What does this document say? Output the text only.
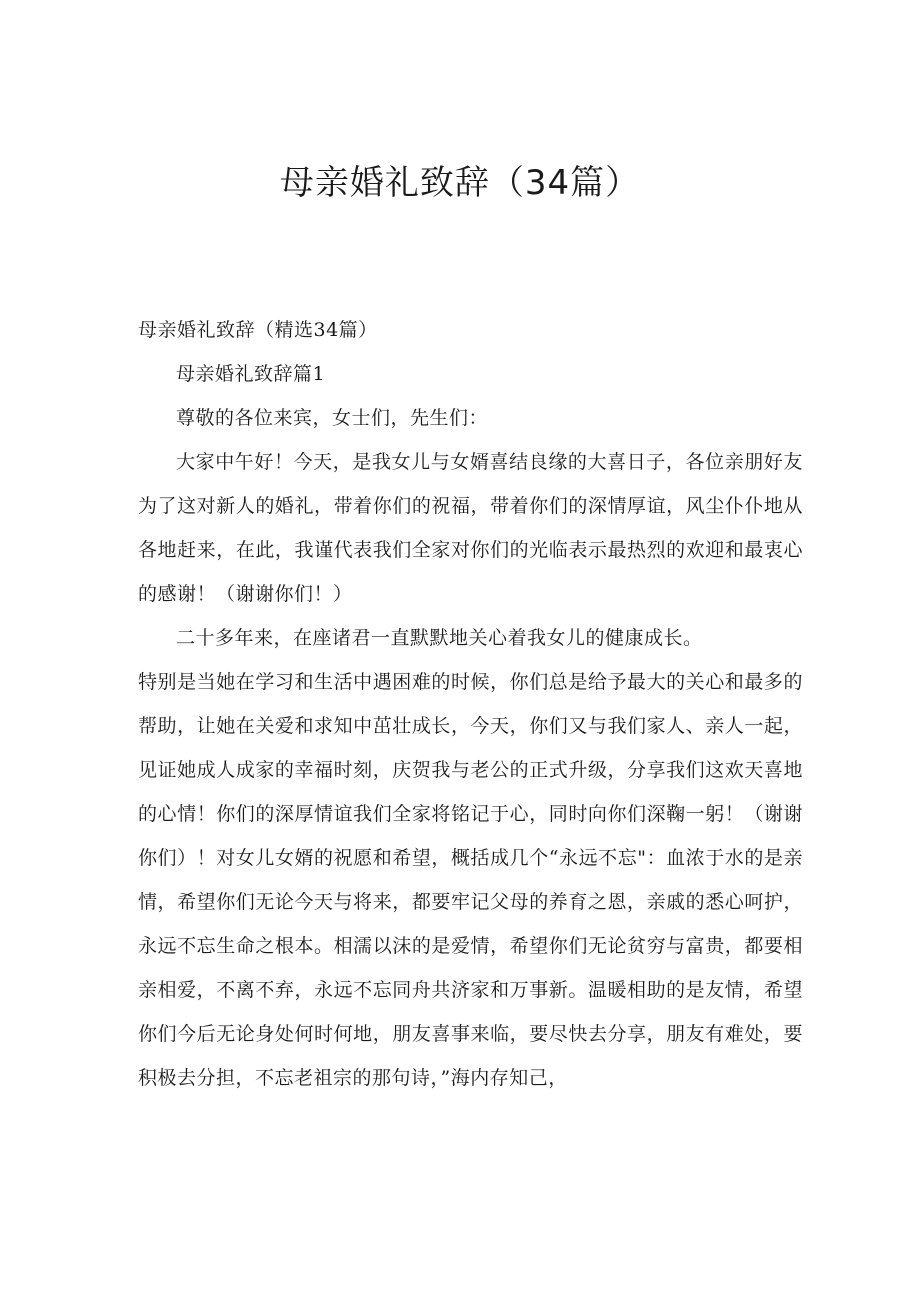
母亲婚礼致辞（34篇）

母亲婚礼致辞（精选34篇）

母亲婚礼致辞篇1

尊敬的各位来宾，女士们，先生们：

大家中午好！今天，是我女儿与女婿喜结良缘的大喜日子，各位亲朋好友为了这对新人的婚礼，带着你们的祝福，带着你们的深情厚谊，风尘仆仆地从各地赶来，在此，我谨代表我们全家对你们的光临表示最热烈的欢迎和最衷心的感谢！（谢谢你们！）

二十多年来，在座诸君一直默默地关心着我女儿的健康成长。

特别是当她在学习和生活中遇困难的时候，你们总是给予最大的关心和最多的帮助，让她在关爱和求知中茁壮成长，今天，你们又与我们家人、亲人一起，见证她成人成家的幸福时刻，庆贺我与老公的正式升级，分享我们这欢天喜地的心情！你们的深厚情谊我们全家将铭记于心，同时向你们深鞠一躬！（谢谢你们）！对女儿女婿的祝愿和希望，概括成几个“永远不忘"：血浓于水的是亲情，希望你们无论今天与将来，都要牢记父母的养育之恩，亲戚的悉心呵护，永远不忘生命之根本。相濡以沫的是爱情，希望你们无论贫穷与富贵，都要相亲相爱，不离不弃，永远不忘同舟共济家和万事新。温暖相助的是友情，希望你们今后无论身处何时何地，朋友喜事来临，要尽快去分享，朋友有难处，要积极去分担，不忘老祖宗的那句诗，”海内存知己，
